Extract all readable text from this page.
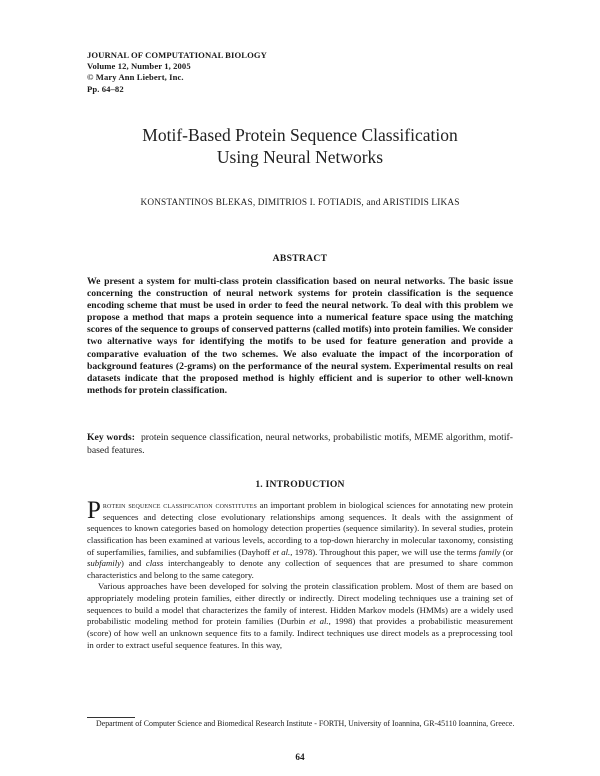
JOURNAL OF COMPUTATIONAL BIOLOGY
Volume 12, Number 1, 2005
© Mary Ann Liebert, Inc.
Pp. 64–82
Motif-Based Protein Sequence Classification
Using Neural Networks
KONSTANTINOS BLEKAS, DIMITRIOS I. FOTIADIS, and ARISTIDIS LIKAS
ABSTRACT
We present a system for multi-class protein classification based on neural networks. The basic issue concerning the construction of neural network systems for protein classification is the sequence encoding scheme that must be used in order to feed the neural network. To deal with this problem we propose a method that maps a protein sequence into a numerical feature space using the matching scores of the sequence to groups of conserved patterns (called motifs) into protein families. We consider two alternative ways for identifying the motifs to be used for feature generation and provide a comparative evaluation of the two schemes. We also evaluate the impact of the incorporation of background features (2-grams) on the performance of the neural system. Experimental results on real datasets indicate that the proposed method is highly efficient and is superior to other well-known methods for protein classification.
Key words: protein sequence classification, neural networks, probabilistic motifs, MEME algorithm, motif-based features.
1. INTRODUCTION

Protein sequence classification constitutes an important problem in biological sciences for annotating new protein sequences and detecting close evolutionary relationships among sequences. It deals with the assignment of sequences to known categories based on homology detection properties (sequence similarity). In several studies, protein classification has been examined at various levels, according to a top-down hierarchy in molecular taxonomy, consisting of superfamilies, families, and subfamilies (Dayhoff et al., 1978). Throughout this paper, we will use the terms family (or subfamily) and class interchangeably to denote any collection of sequences that are presumed to share common characteristics and belong to the same category.

Various approaches have been developed for solving the protein classification problem. Most of them are based on appropriately modeling protein families, either directly or indirectly. Direct modeling techniques use a training set of sequences to build a model that characterizes the family of interest. Hidden Markov models (HMMs) are a widely used probabilistic modeling method for protein families (Durbin et al., 1998) that provides a probabilistic measurement (score) of how well an unknown sequence fits to a family. Indirect techniques use direct models as a preprocessing tool in order to extract useful sequence features. In this way,

Department of Computer Science and Biomedical Research Institute - FORTH, University of Ioannina, GR-45110 Ioannina, Greece.
64
